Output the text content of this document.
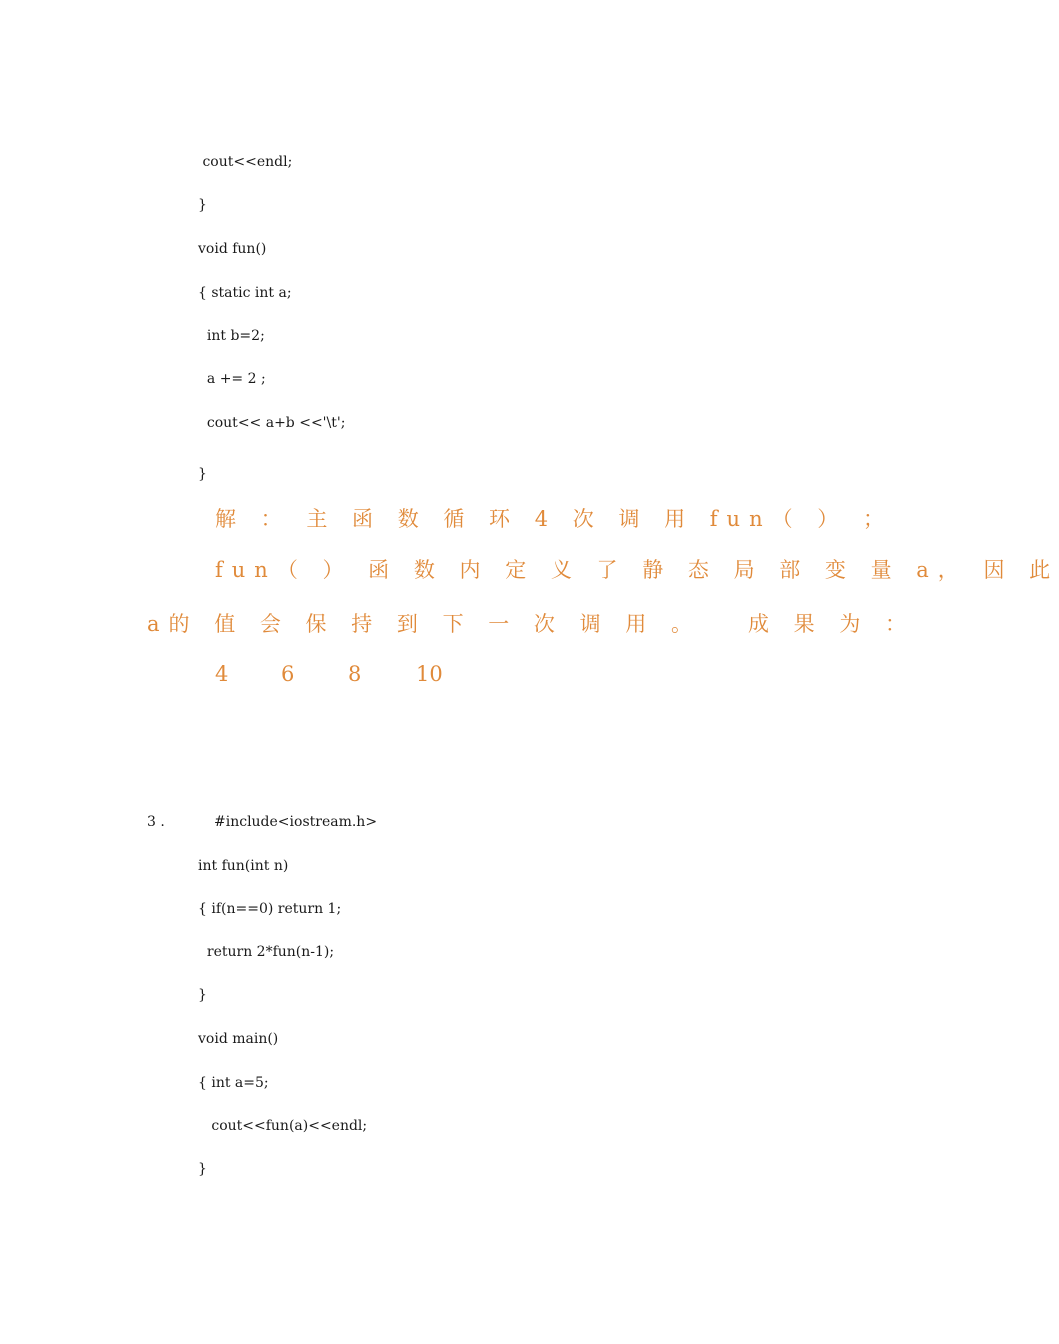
cout<<endl;
}
void fun()
{ static int a;
int b=2;
a += 2 ;
cout<< a+b <<'\t';
}
解 ： 主 函 数 循 环 4 次 调 用 fun（ ） ；
fun（ ） 函 数 内 定 义 了 静 态 局 部 变 量 a， 因 此
a的 值 会 保 持 到 下 一 次 调 用 。   成 果 为 ：
4	6	8	10
3 .	#include<iostream.h>
int fun(int n)
{ if(n==0) return 1;
return 2*fun(n-1);
}
void main()
{ int a=5;
cout<<fun(a)<<endl;
}
